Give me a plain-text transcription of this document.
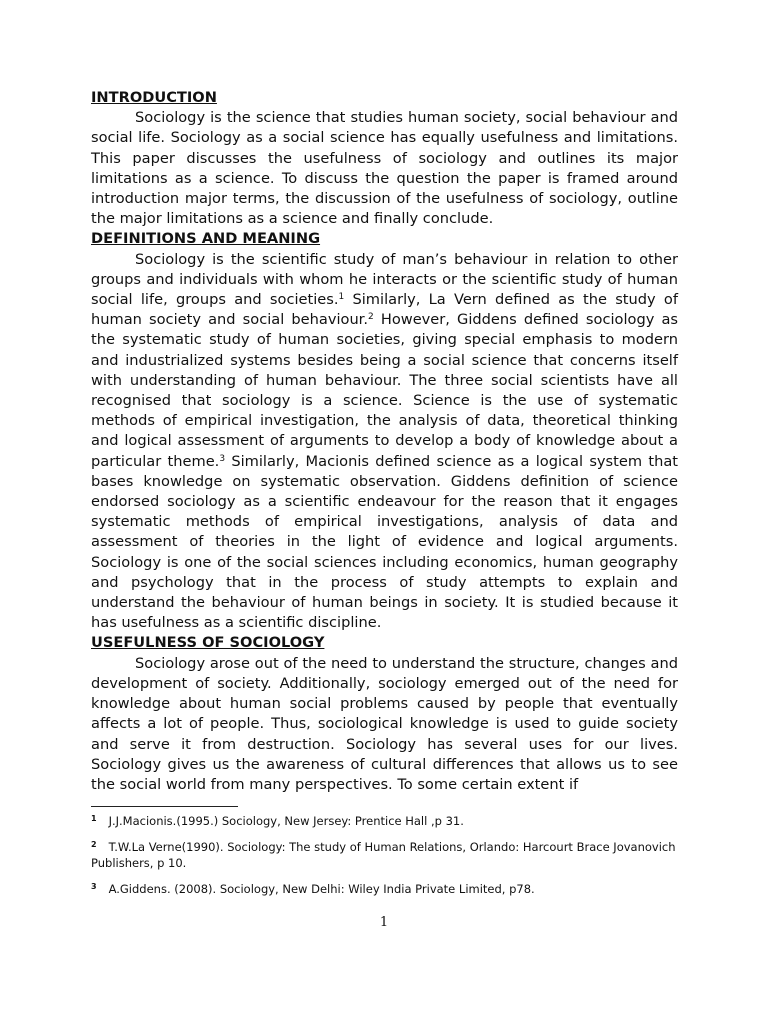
INTRODUCTION

Sociology is the science that studies human society, social behaviour and social life. Sociology as a social science has equally usefulness and limitations. This paper discusses the usefulness of sociology and outlines its major limitations as a science. To discuss the question the paper is framed around introduction major terms, the discussion of the usefulness of sociology, outline the major limitations as a science and finally conclude.

DEFINITIONS AND MEANING

Sociology is the scientific study of man’s behaviour in relation to other groups and individuals with whom he interacts or the scientific study of human social life, groups and societies.$^1$ Similarly, La Vern defined as the study of human society and social behaviour.$^2$ However, Giddens defined sociology as the systematic study of human societies, giving special emphasis to modern and industrialized systems besides being a social science that concerns itself with understanding of human behaviour. The three social scientists have all recognised that sociology is a science. Science is the use of systematic methods of empirical investigation, the analysis of data, theoretical thinking and logical assessment of arguments to develop a body of knowledge about a particular theme.$^3$ Similarly, Macionis defined science as a logical system that bases knowledge on systematic observation. Giddens definition of science endorsed sociology as a scientific endeavour for the reason that it engages systematic methods of empirical investigations, analysis of data and assessment of theories in the light of evidence and logical arguments. Sociology is one of the social sciences including economics, human geography and psychology that in the process of study attempts to explain and understand the behaviour of human beings in society. It is studied because it has usefulness as a scientific discipline.

USEFULNESS OF SOCIOLOGY

Sociology arose out of the need to understand the structure, changes and development of society. Additionally, sociology emerged out of the need for knowledge about human social problems caused by people that eventually affects a lot of people. Thus, sociological knowledge is used to guide society and serve it from destruction. Sociology has several uses for our lives. Sociology gives us the awareness of cultural differences that allows us to see the social world from many perspectives. To some certain extent if

$^1$ J.J.Macionis.(1995.) Sociology, New Jersey: Prentice Hall ,p 31.
$^2$ T.W.La Verne(1990). Sociology: The study of Human Relations, Orlando: Harcourt Brace Jovanovich Publishers, p 10.
$^3$ A.Giddens. (2008). Sociology, New Delhi: Wiley India Private Limited, p78.
1
